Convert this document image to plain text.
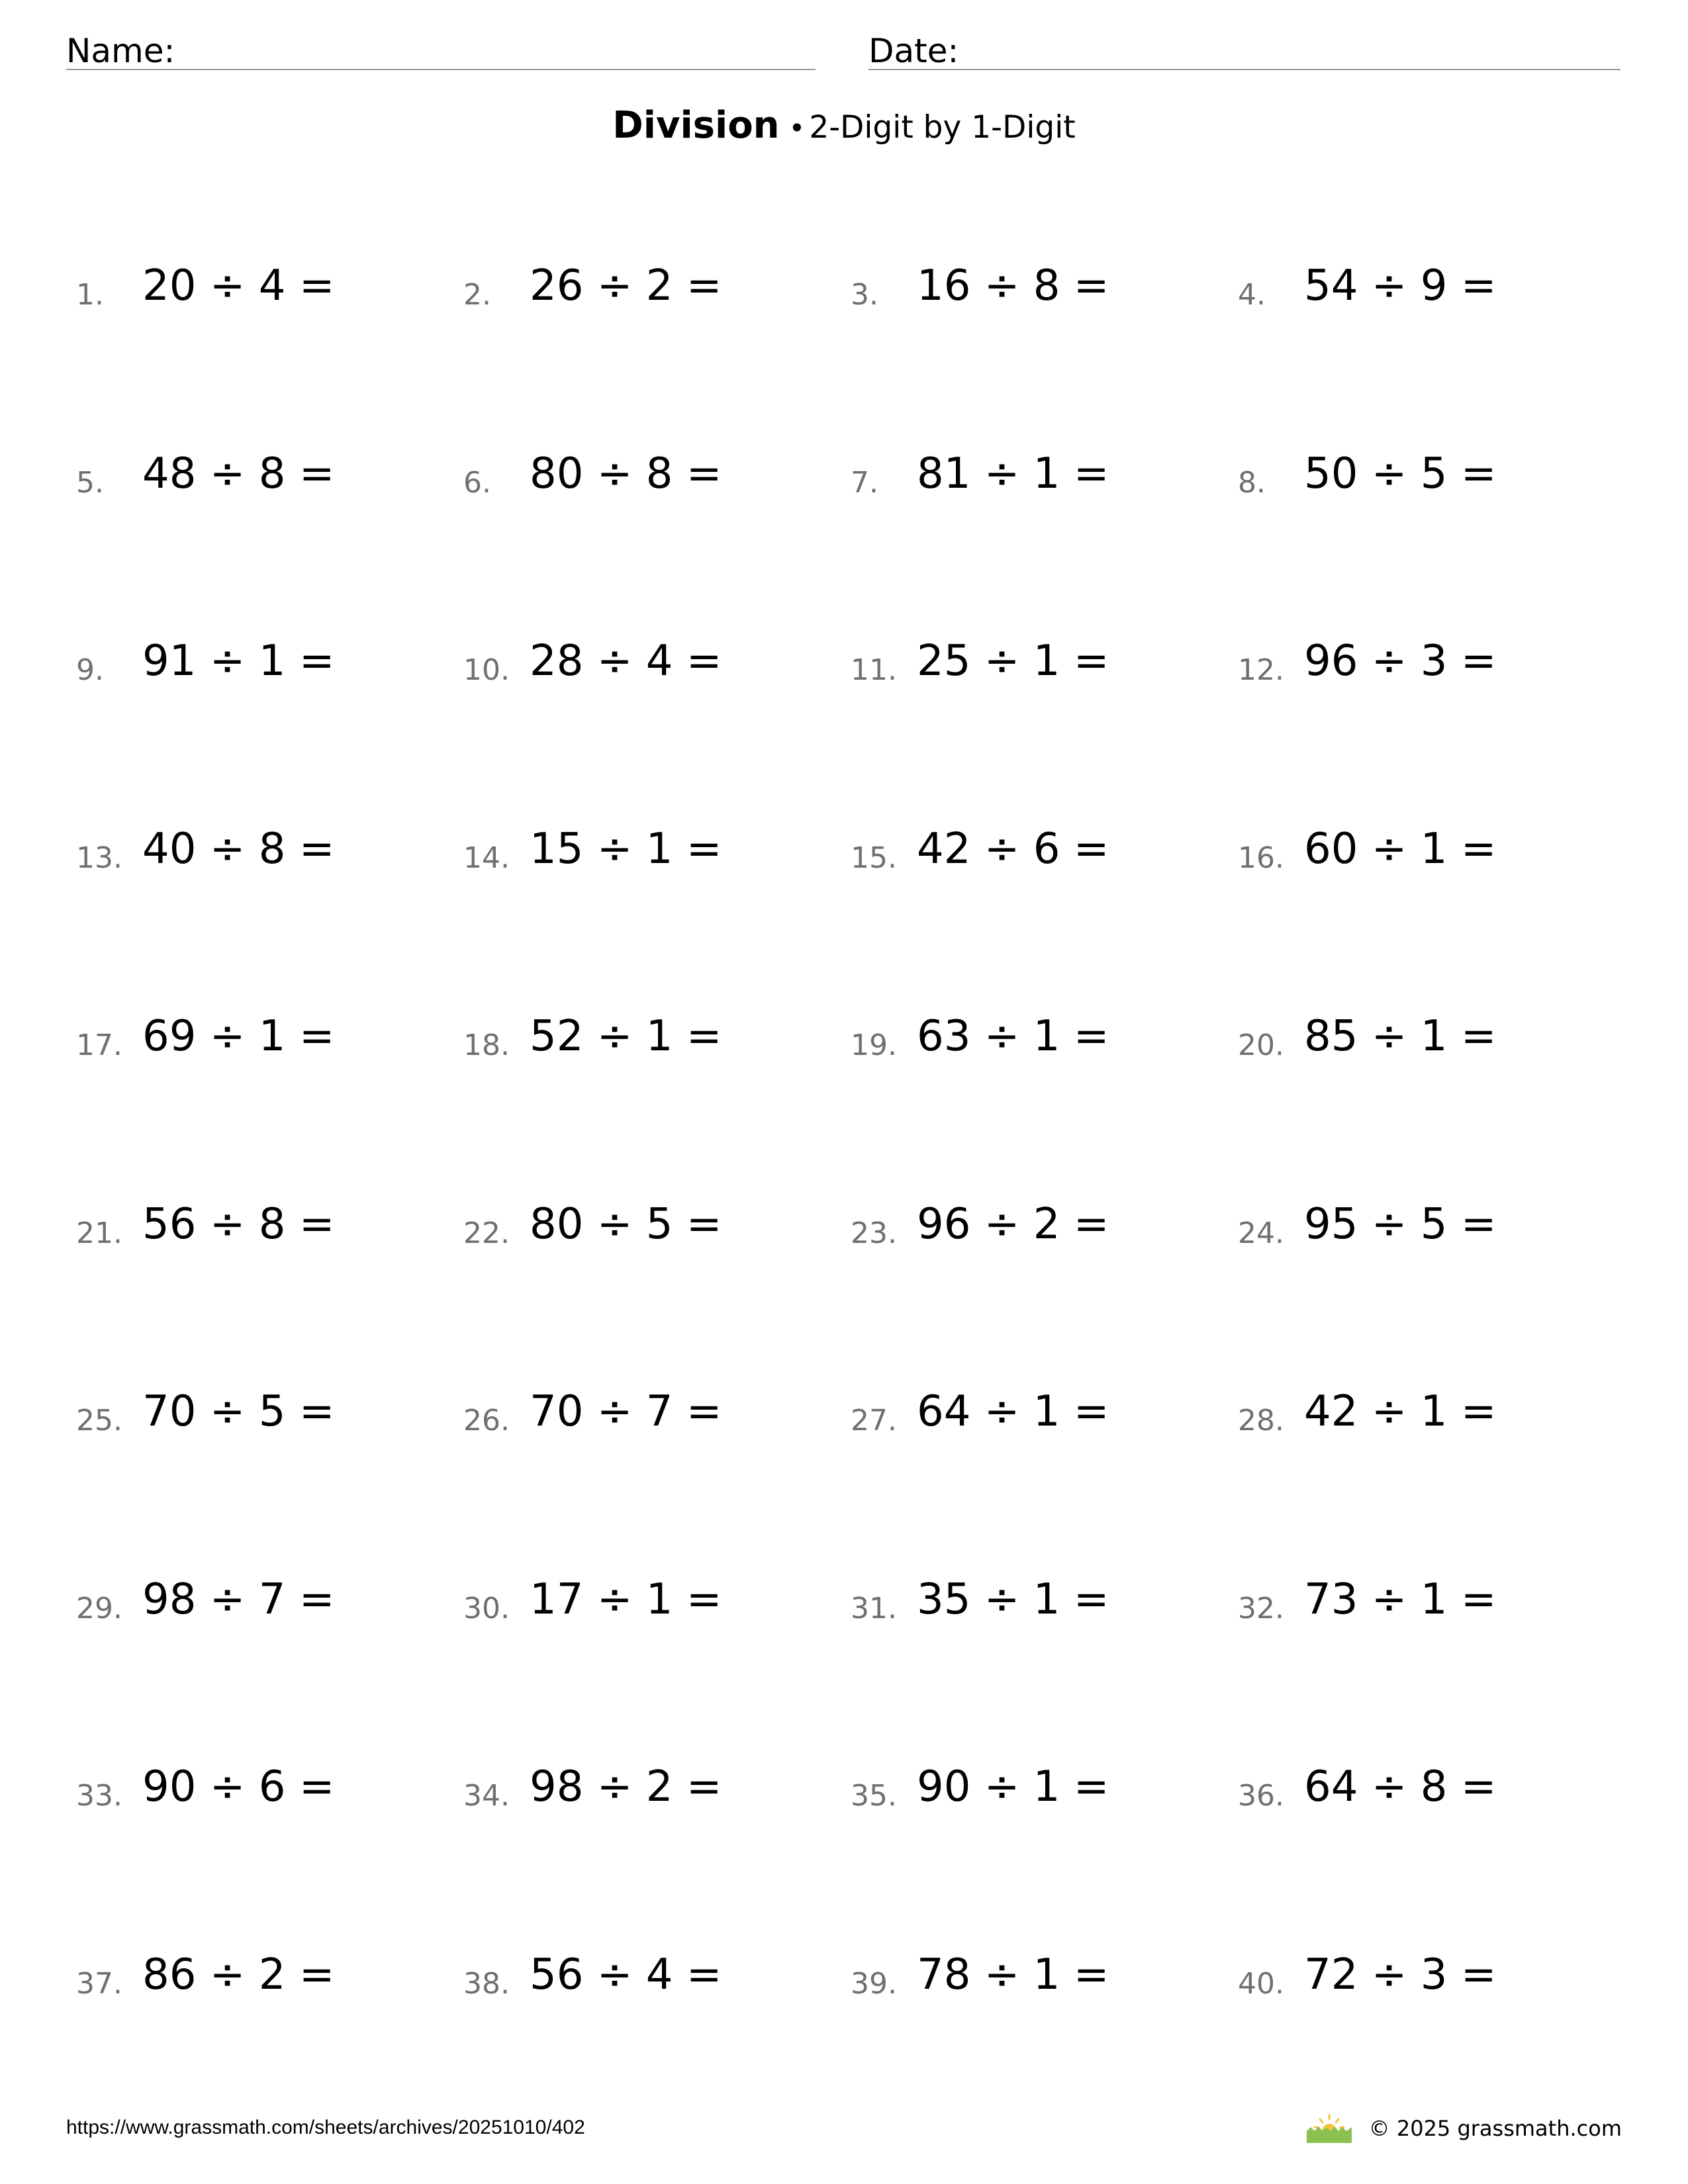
Name:	Date:
Division • 2-Digit by 1-Digit
1. 20 ÷ 4 =	2. 26 ÷ 2 =	3. 16 ÷ 8 =	4. 54 ÷ 9 =
5. 48 ÷ 8 =	6. 80 ÷ 8 =	7. 81 ÷ 1 =	8. 50 ÷ 5 =
9. 91 ÷ 1 =	10. 28 ÷ 4 =	11. 25 ÷ 1 =	12. 96 ÷ 3 =
13. 40 ÷ 8 =	14. 15 ÷ 1 =	15. 42 ÷ 6 =	16. 60 ÷ 1 =
17. 69 ÷ 1 =	18. 52 ÷ 1 =	19. 63 ÷ 1 =	20. 85 ÷ 1 =
21. 56 ÷ 8 =	22. 80 ÷ 5 =	23. 96 ÷ 2 =	24. 95 ÷ 5 =
25. 70 ÷ 5 =	26. 70 ÷ 7 =	27. 64 ÷ 1 =	28. 42 ÷ 1 =
29. 98 ÷ 7 =	30. 17 ÷ 1 =	31. 35 ÷ 1 =	32. 73 ÷ 1 =
33. 90 ÷ 6 =	34. 98 ÷ 2 =	35. 90 ÷ 1 =	36. 64 ÷ 8 =
37. 86 ÷ 2 =	38. 56 ÷ 4 =	39. 78 ÷ 1 =	40. 72 ÷ 3 =
https://www.grassmath.com/sheets/archives/20251010/402	© 2025 grassmath.com
